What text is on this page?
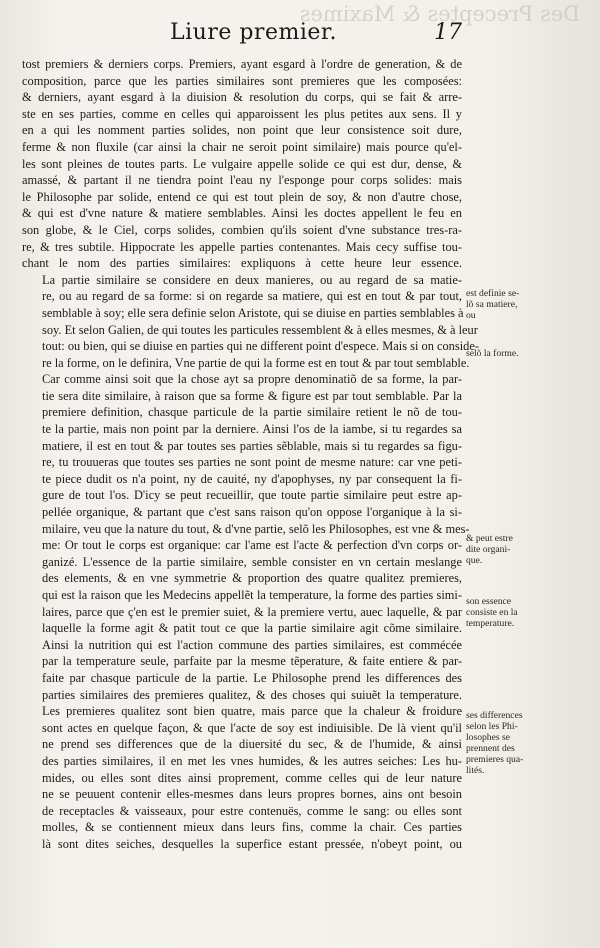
Des Preceptes & Maximes
Liure premier.	17

tost premiers & derniers corps. Premiers, ayant esgard à l'ordre de generation, & de
composition, parce que les parties similaires sont premieres que les composées:
& derniers, ayant esgard à la diuision & resolution du corps, qui se fait & arre-
ste en ses parties, comme en celles qui apparoissent les plus petites aux sens. Il y
en a qui les nomment parties solides, non point que leur consistence soit dure,
ferme & non fluxile (car ainsi la chair ne seroit point similaire) mais pource qu'el-
les sont pleines de toutes parts. Le vulgaire appelle solide ce qui est dur, dense, &
amassé, & partant il ne tiendra point l'eau ny l'esponge pour corps solides: mais
le Philosophe par solide, entend ce qui est tout plein de soy, & non d'autre chose,
& qui est d'vne nature & matiere semblables. Ainsi les doctes appellent le feu en
son globe, & le Ciel, corps solides, combien qu'ils soient d'vne substance tres-ra-
re, & tres subtile. Hippocrate les appelle parties contenantes. Mais cecy suffise tou-
chant le nom des parties similaires: expliquons à cette heure leur essence.

La partie similaire se considere en deux manieres, ou au regard de sa matie-
re, ou au regard de sa forme: si on regarde sa matiere, qui est en tout & par tout,
semblable à soy; elle sera definie selon Aristote, qui se diuise en parties semblables à
soy. Et selon Galien, de qui toutes les particules ressemblent & à elles mesmes, & à leur
tout: ou bien, qui se diuise en parties qui ne different point d'espece. Mais si on conside-
re la forme, on le definira, Vne partie de qui la forme est en tout & par tout semblable.
Car comme ainsi soit que la chose ayt sa propre denominatiõ de sa forme, la par-
tie sera dite similaire, à raison que sa forme & figure est par tout semblable. Par la
premiere definition, chasque particule de la partie similaire retient le nõ de tou-
te la partie, mais non point par la derniere. Ainsi l'os de la iambe, si tu regardes sa
matiere, il est en tout & par toutes ses parties sẽblable, mais si tu regardes sa figu-
re, tu trouueras que toutes ses parties ne sont point de mesme nature: car vne peti-
te piece dudit os n'a point, ny de cauité, ny d'apophyses, ny par consequent la fi-
gure de tout l'os. D'icy se peut recueillir, que toute partie similaire peut estre ap-
pellée organique, & partant que c'est sans raison qu'on oppose l'organique à la si-
milaire, veu que la nature du tout, & d'vne partie, selõ les Philosophes, est vne & mes-
me: Or tout le corps est organique: car l'ame est l'acte & perfection d'vn corps or-
ganizé. L'essence de la partie similaire, semble consister en vn certain meslange
des elements, & en vne symmetrie & proportion des quatre qualitez premieres,
qui est la raison que les Medecins appellẽt la temperature, la forme des parties simi-
laires, parce que ç'en est le premier suiet, & la premiere vertu, auec laquelle, & par
laquelle la forme agit & patit tout ce que la partie similaire agit cõme similaire.
Ainsi la nutrition qui est l'action commune des parties similaires, est commécée
par la temperature seule, parfaite par la mesme tẽperature, & faite entiere & par-
faite par chasque particule de la partie. Le Philosophe prend les differences des
parties similaires des premieres qualitez, & des choses qui suiuẽt la temperature.
Les premieres qualitez sont bien quatre, mais parce que la chaleur & froidure
sont actes en quelque façon, & que l'acte de soy est indiuisible. De là vient qu'il
ne prend ses differences que de la diuersité du sec, & de l'humide, & ainsi
des parties similaires, il en met les vnes humides, & les autres seiches: Les hu-
mides, ou elles sont dites ainsi proprement, comme celles qui de leur nature
ne se peuuent contenir elles-mesmes dans leurs propres bornes, ains ont besoin
de receptacles & vaisseaux, pour estre contenuës, comme le sang: ou elles sont
molles, & se contiennent mieux dans leurs fins, comme la chair. Ces parties
là sont dites seiches, desquelles la superfice estant pressée, n'obeyt point, ou

est definie se-
lõ sa matiere,
ou
selõ la forme.
& peut estre
dite organi-
que.
son essence
consiste en la
temperature.
ses differences
selon les Phi-
losophes se
prennent des
premieres qua-
lités.
